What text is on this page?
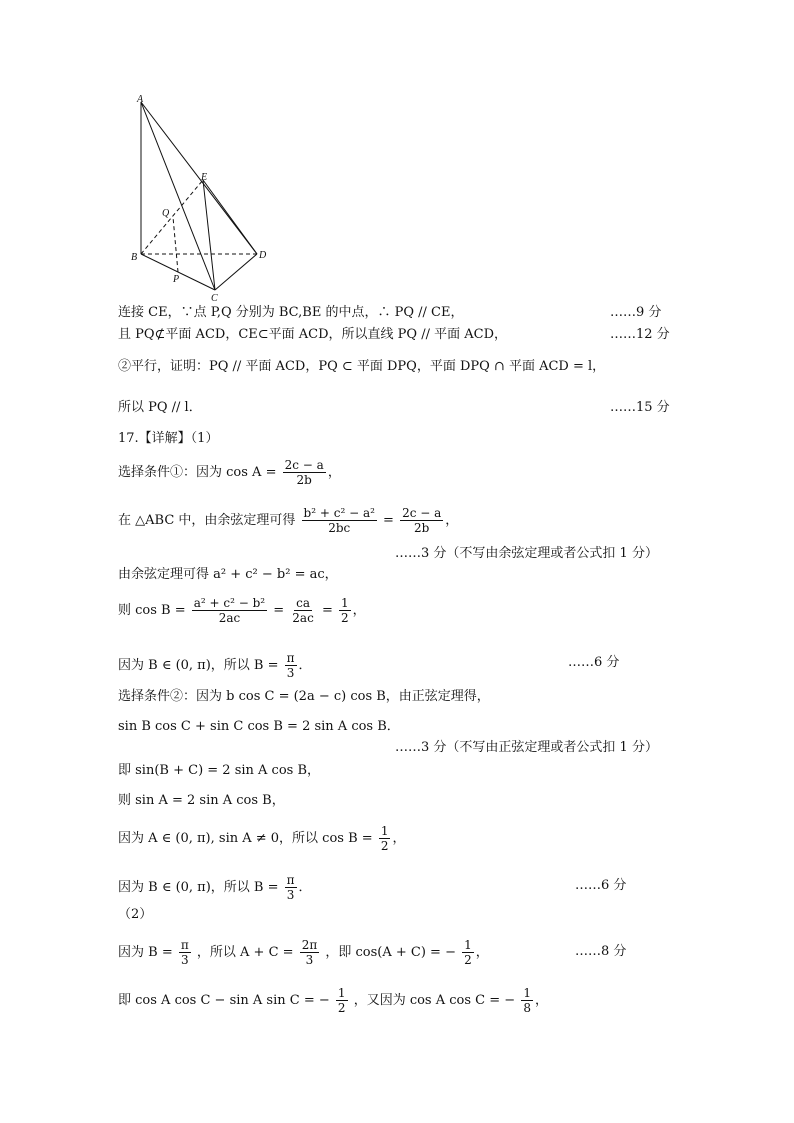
A
B
C
D
E
P
Q
连接 CE，∵点 P,Q 分别为 BC,BE 的中点，∴ PQ // CE，	……9 分
且 PQ⊄平面 ACD，CE⊂平面 ACD，所以直线 PQ // 平面 ACD，	……12 分
②平行，证明：PQ // 平面 ACD，PQ ⊂ 平面 DPQ，平面 DPQ ∩ 平面 ACD = l，
所以 PQ // l．	……15 分
17.【详解】（1）
选择条件①：因为 $\cos A = \frac{2c - a}{2b}$ ，
在 △ABC 中，由余弦定理可得 $\frac{\text{b² + c² − a²}}{2bc} = \frac{2c - a}{2b}$ ，
……3 分（不写由余弦定理或者公式扣 1 分）
由余弦定理可得 a² + c² − b² = ac，
则 $\cos B = \frac{\text{a² + c² − b²}}{2ac} = \frac{ca}{2ac} = \frac{1}{2}$ ，
因为 B ∈ (0, π)，所以 $B = \frac{\pi}{3}$ ．	……6 分
选择条件②：因为 b cos C = (2a − c) cos B，由正弦定理得，
sin B cos C + sin C cos B = 2 sin A cos B．
……3 分（不写由正弦定理或者公式扣 1 分）
即 sin(B + C) = 2 sin A cos B，
则 sin A = 2 sin A cos B，
因为 A ∈ (0, π), sin A ≠ 0，所以 $\cos B = \frac{1}{2}$ ，
因为 B ∈ (0, π)，所以 $B = \frac{\pi}{3}$ ．	……6 分
（2）
因为 $B = \frac{\pi}{3}$ ，所以 $A + C = \frac{2\pi}{3}$ ，即 cos(A + C) = − $\frac{1}{2}$ ，	……8 分
即 cos A cos C − sin A sin C = − $\frac{1}{2}$ ，又因为 cos A cos C = − $\frac{1}{8}$ ，
